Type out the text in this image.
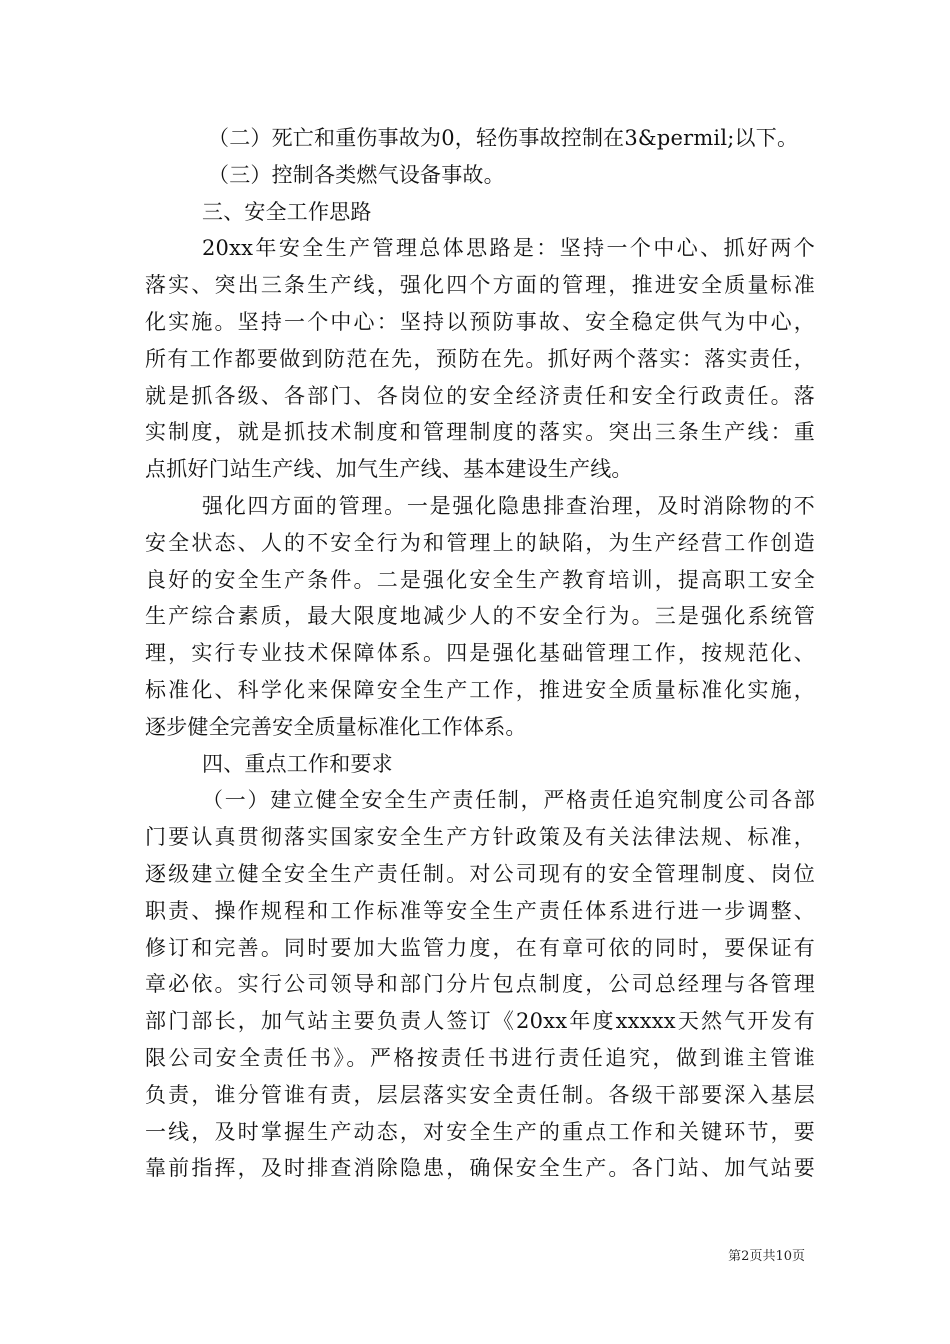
（二）死亡和重伤事故为0，轻伤事故控制在3&permil;以下。
（三）控制各类燃气设备事故。
三、安全工作思路
20xx年安全生产管理总体思路是：坚持一个中心、抓好两个
落实、突出三条生产线，强化四个方面的管理，推进安全质量标准
化实施。坚持一个中心：坚持以预防事故、安全稳定供气为中心，
所有工作都要做到防范在先，预防在先。抓好两个落实：落实责任，
就是抓各级、各部门、各岗位的安全经济责任和安全行政责任。落
实制度，就是抓技术制度和管理制度的落实。突出三条生产线：重
点抓好门站生产线、加气生产线、基本建设生产线。
强化四方面的管理。一是强化隐患排查治理，及时消除物的不
安全状态、人的不安全行为和管理上的缺陷，为生产经营工作创造
良好的安全生产条件。二是强化安全生产教育培训，提高职工安全
生产综合素质，最大限度地减少人的不安全行为。三是强化系统管
理，实行专业技术保障体系。四是强化基础管理工作，按规范化、
标准化、科学化来保障安全生产工作，推进安全质量标准化实施，
逐步健全完善安全质量标准化工作体系。
四、重点工作和要求
（一）建立健全安全生产责任制，严格责任追究制度公司各部
门要认真贯彻落实国家安全生产方针政策及有关法律法规、标准，
逐级建立健全安全生产责任制。对公司现有的安全管理制度、岗位
职责、操作规程和工作标准等安全生产责任体系进行进一步调整、
修订和完善。同时要加大监管力度，在有章可依的同时，要保证有
章必依。实行公司领导和部门分片包点制度，公司总经理与各管理
部门部长，加气站主要负责人签订《20xx年度xxxxx天然气开发有
限公司安全责任书》。严格按责任书进行责任追究，做到谁主管谁
负责，谁分管谁有责，层层落实安全责任制。各级干部要深入基层
一线，及时掌握生产动态，对安全生产的重点工作和关键环节，要
靠前指挥，及时排查消除隐患，确保安全生产。各门站、加气站要
第2页共10页
